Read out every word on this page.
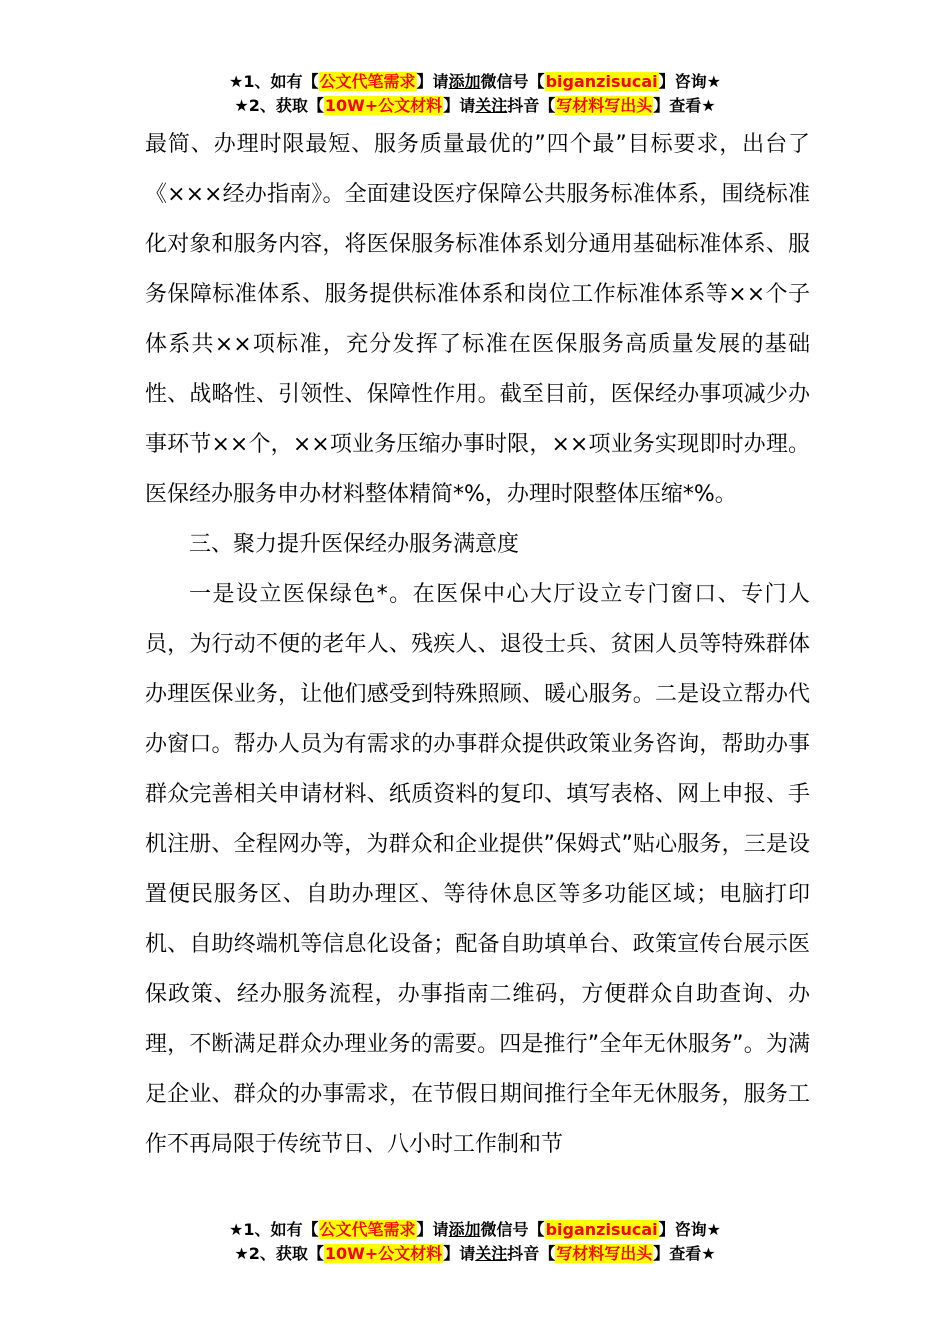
★1、如有【公文代笔需求】请添加微信号【biganzisucai】咨询★
★2、获取【10W+公文材料】请关注抖音【写材料写出头】查看★

最简、办理时限最短、服务质量最优的”四个最”目标要求，出台了《×××经办指南》。全面建设医疗保障公共服务标准体系，围绕标准化对象和服务内容，将医保服务标准体系划分通用基础标准体系、服务保障标准体系、服务提供标准体系和岗位工作标准体系等××个子体系共××项标准，充分发挥了标准在医保服务高质量发展的基础性、战略性、引领性、保障性作用。截至目前，医保经办事项减少办事环节××个，××项业务压缩办事时限，××项业务实现即时办理。医保经办服务申办材料整体精简*%，办理时限整体压缩*%。

三、聚力提升医保经办服务满意度

一是设立医保绿色*。在医保中心大厅设立专门窗口、专门人员，为行动不便的老年人、残疾人、退役士兵、贫困人员等特殊群体办理医保业务，让他们感受到特殊照顾、暖心服务。二是设立帮办代办窗口。帮办人员为有需求的办事群众提供政策业务咨询，帮助办事群众完善相关申请材料、纸质资料的复印、填写表格、网上申报、手机注册、全程网办等，为群众和企业提供”保姆式”贴心服务，三是设置便民服务区、自助办理区、等待休息区等多功能区域；电脑打印机、自助终端机等信息化设备；配备自助填单台、政策宣传台展示医保政策、经办服务流程，办事指南二维码，方便群众自助查询、办理，不断满足群众办理业务的需要。四是推行”全年无休服务”。为满足企业、群众的办事需求，在节假日期间推行全年无休服务，服务工作不再局限于传统节日、八小时工作制和节

★1、如有【公文代笔需求】请添加微信号【biganzisucai】咨询★
★2、获取【10W+公文材料】请关注抖音【写材料写出头】查看★
